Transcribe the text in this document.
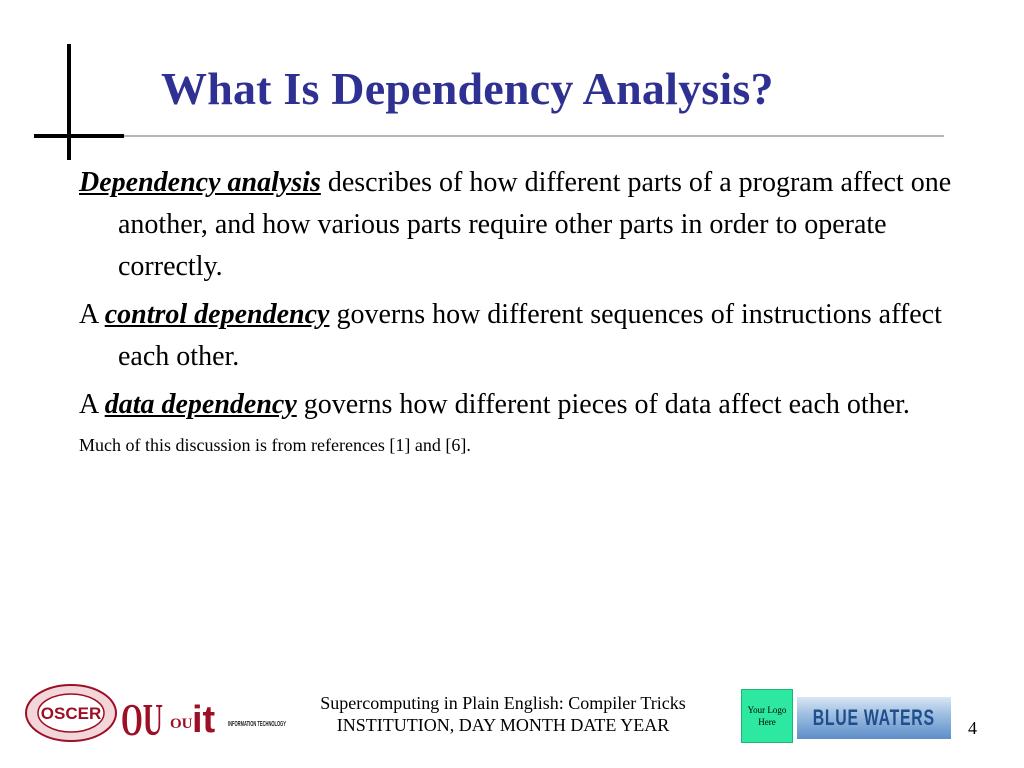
What Is Dependency Analysis?

Dependency analysis describes of how different parts of a program affect one another, and how various parts require other parts in order to operate correctly.

A control dependency governs how different sequences of instructions affect each other.

A data dependency governs how different pieces of data affect each other.

Much of this discussion is from references [1] and [6].

OSCER OU OU it INFORMATION TECHNOLOGY
Supercomputing in Plain English: Compiler Tricks
INSTITUTION, DAY MONTH DATE YEAR
Your Logo Here	BLUE WATERS 4
